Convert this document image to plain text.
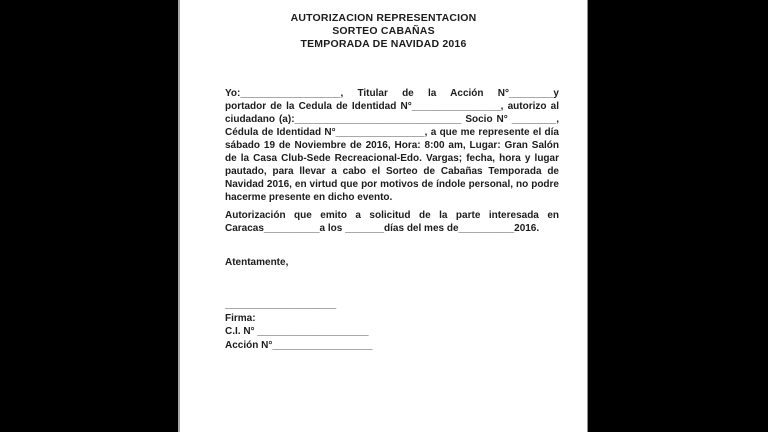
AUTORIZACION REPRESENTACION
SORTEO CABAÑAS
TEMPORADA DE NAVIDAD 2016
Yo:__________________, Titular de la Acción N°________y
portador de la Cedula de Identidad N°________________, autorizo al
ciudadano (a):______________________________ Socio N° ________,
Cédula de Identidad N°________________, a que me represente el día
sábado 19 de Noviembre de 2016, Hora: 8:00 am, Lugar: Gran Salón
de la Casa Club-Sede Recreacional-Edo. Vargas; fecha, hora y lugar
pautado, para llevar a cabo el Sorteo de Cabañas Temporada de
Navidad 2016, en virtud que por motivos de índole personal, no podre
hacerme presente en dicho evento.
Autorización que emito a solicitud de la parte interesada en
Caracas__________a los _______días del mes de__________2016.
Atentamente,
____________________
Firma:
C.I. N° ____________________
Acción N°__________________
